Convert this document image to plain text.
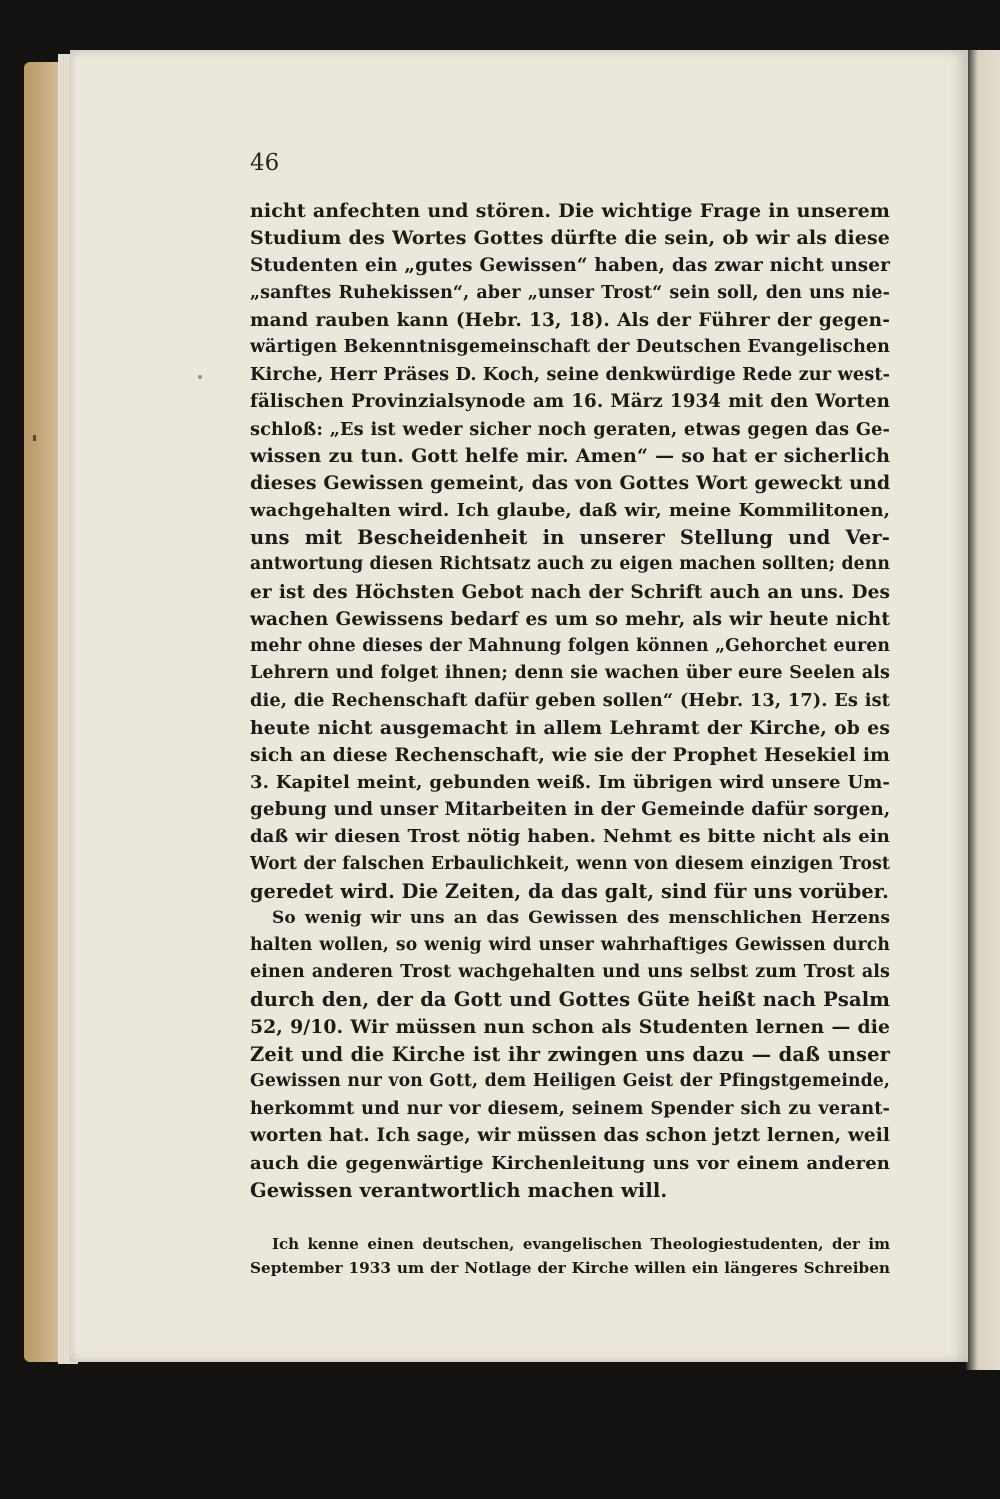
46
nicht anfechten und stören. Die wichtige Frage in unserem
Studium des Wortes Gottes dürfte die sein, ob wir als diese
Studenten ein „gutes Gewissen“ haben, das zwar nicht unser
„sanftes Ruhekissen“, aber „unser Trost“ sein soll, den uns nie-
mand rauben kann (Hebr. 13, 18). Als der Führer der gegen-
wärtigen Bekenntnisgemeinschaft der Deutschen Evangelischen
Kirche, Herr Präses D. Koch, seine denkwürdige Rede zur west-
fälischen Provinzialsynode am 16. März 1934 mit den Worten
schloß: „Es ist weder sicher noch geraten, etwas gegen das Ge-
wissen zu tun. Gott helfe mir. Amen“ — so hat er sicherlich
dieses Gewissen gemeint, das von Gottes Wort geweckt und
wachgehalten wird. Ich glaube, daß wir, meine Kommilitonen,
uns mit Bescheidenheit in unserer Stellung und Ver-
antwortung diesen Richtsatz auch zu eigen machen sollten; denn
er ist des Höchsten Gebot nach der Schrift auch an uns. Des
wachen Gewissens bedarf es um so mehr, als wir heute nicht
mehr ohne dieses der Mahnung folgen können „Gehorchet euren
Lehrern und folget ihnen; denn sie wachen über eure Seelen als
die, die Rechenschaft dafür geben sollen“ (Hebr. 13, 17). Es ist
heute nicht ausgemacht in allem Lehramt der Kirche, ob es
sich an diese Rechenschaft, wie sie der Prophet Hesekiel im
3. Kapitel meint, gebunden weiß. Im übrigen wird unsere Um-
gebung und unser Mitarbeiten in der Gemeinde dafür sorgen,
daß wir diesen Trost nötig haben. Nehmt es bitte nicht als ein
Wort der falschen Erbaulichkeit, wenn von diesem einzigen Trost
geredet wird. Die Zeiten, da das galt, sind für uns vorüber.
So wenig wir uns an das Gewissen des menschlichen Herzens
halten wollen, so wenig wird unser wahrhaftiges Gewissen durch
einen anderen Trost wachgehalten und uns selbst zum Trost als
durch den, der da Gott und Gottes Güte heißt nach Psalm
52, 9/10. Wir müssen nun schon als Studenten lernen — die
Zeit und die Kirche ist ihr zwingen uns dazu — daß unser
Gewissen nur von Gott, dem Heiligen Geist der Pfingstgemeinde,
herkommt und nur vor diesem, seinem Spender sich zu verant-
worten hat. Ich sage, wir müssen das schon jetzt lernen, weil
auch die gegenwärtige Kirchenleitung uns vor einem anderen
Gewissen verantwortlich machen will.
Ich kenne einen deutschen, evangelischen Theologiestudenten, der im
September 1933 um der Notlage der Kirche willen ein längeres Schreiben
